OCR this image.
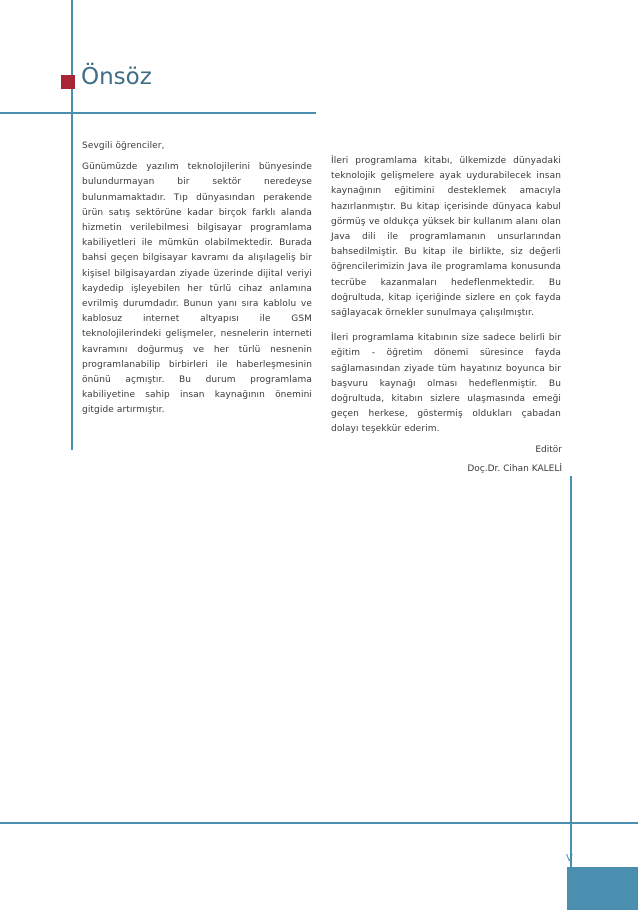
Önsöz

Sevgili öğrenciler,

Günümüzde yazılım teknolojilerini bünyesinde bulundurmayan bir sektör neredeyse bulunmamaktadır. Tıp dünyasından perakende ürün satış sektörüne kadar birçok farklı alanda hizmetin verilebilmesi bilgisayar programlama kabiliyetleri ile mümkün olabilmektedir. Burada bahsi geçen bilgisayar kavramı da alışılageliş bir kişisel bilgisayardan ziyade üzerinde dijital veriyi kaydedip işleyebilen her türlü cihaz anlamına evrilmiş durumdadır. Bunun yanı sıra kablolu ve kablosuz internet altyapısı ile GSM teknolojilerindeki gelişmeler, nesnelerin interneti kavramını doğurmuş ve her türlü nesnenin programlanabilip birbirleri ile haberleşmesinin önünü açmıştır. Bu durum programlama kabiliyetine sahip insan kaynağının önemini gitgide artırmıştır.

İleri programlama kitabı, ülkemizde dünyadaki teknolojik gelişmelere ayak uydurabilecek insan kaynağının eğitimini desteklemek amacıyla hazırlanmıştır. Bu kitap içerisinde dünyaca kabul görmüş ve oldukça yüksek bir kullanım alanı olan Java dili ile programlamanın unsurlarından bahsedilmiştir. Bu kitap ile birlikte, siz değerli öğrencilerimizin Java ile programlama konusunda tecrübe kazanmaları hedeflenmektedir. Bu doğrultuda, kitap içeriğinde sizlere en çok fayda sağlayacak örnekler sunulmaya çalışılmıştır.

İleri programlama kitabının size sadece belirli bir eğitim - öğretim dönemi süresince fayda sağlamasından ziyade tüm hayatınız boyunca bir başvuru kaynağı olması hedeflenmiştir. Bu doğrultuda, kitabın sizlere ulaşmasında emeği geçen herkese, göstermiş oldukları çabadan dolayı teşekkür ederim.

Editör
Doç.Dr. Cihan KALELİ
V
